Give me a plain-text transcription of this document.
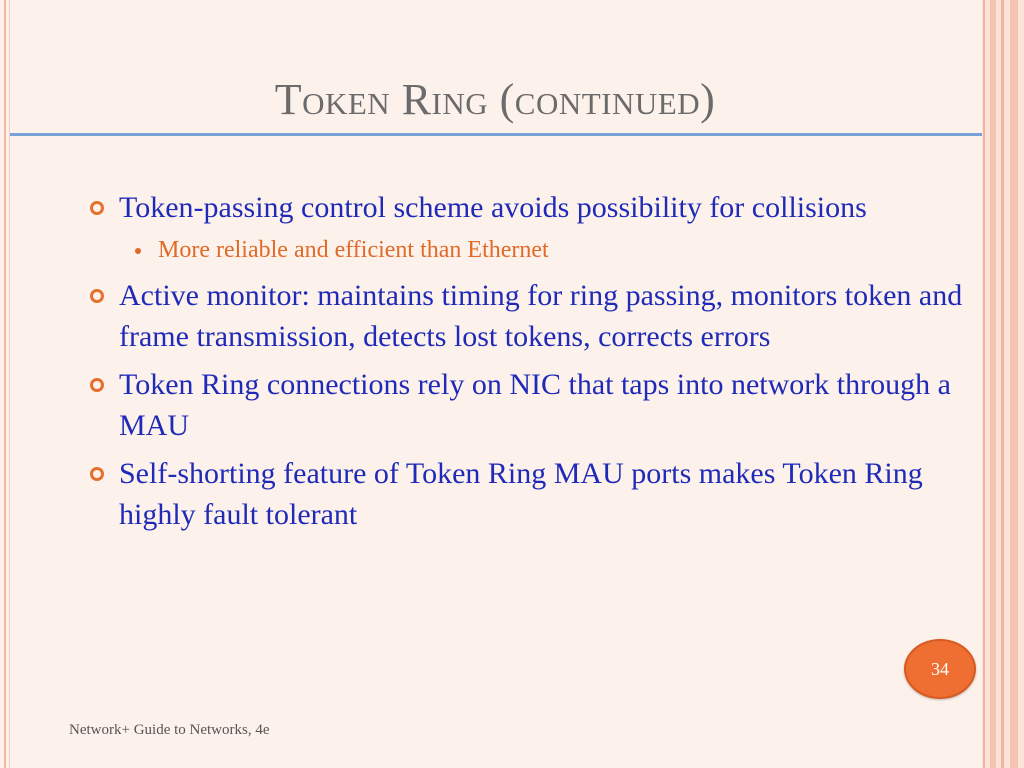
Token Ring (continued)
Token-passing control scheme avoids possibility for collisions
More reliable and efficient than Ethernet
Active monitor: maintains timing for ring passing, monitors token and frame transmission, detects lost tokens, corrects errors
Token Ring connections rely on NIC that taps into network through a MAU
Self-shorting feature of Token Ring MAU ports makes Token Ring highly fault tolerant
34
Network+ Guide to Networks, 4e
